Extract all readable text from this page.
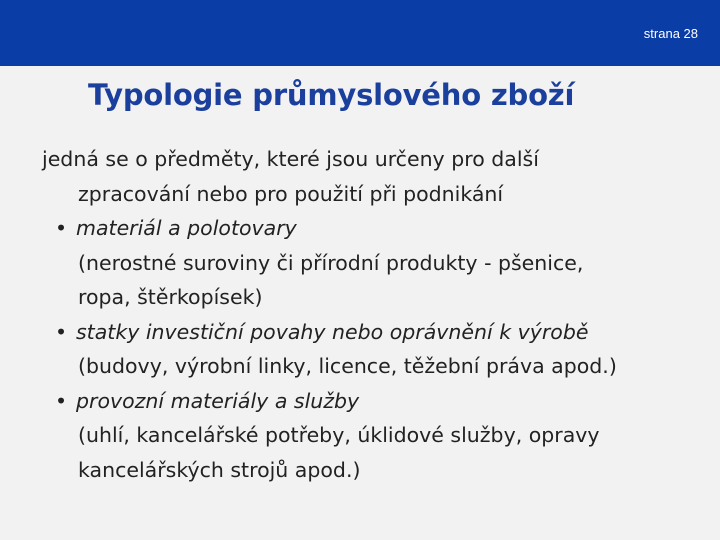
strana 28
Typologie průmyslového zboží
jedná se o předměty, které jsou určeny pro další
zpracování nebo pro použití při podnikání
• materiál a polotovary
(nerostné suroviny či přírodní produkty - pšenice,
ropa, štěrkopísek)
• statky investiční povahy nebo oprávnění k výrobě
(budovy, výrobní linky, licence, těžební práva apod.)
• provozní materiály a služby
(uhlí, kancelářské potřeby, úklidové služby, opravy
kancelářských strojů apod.)
